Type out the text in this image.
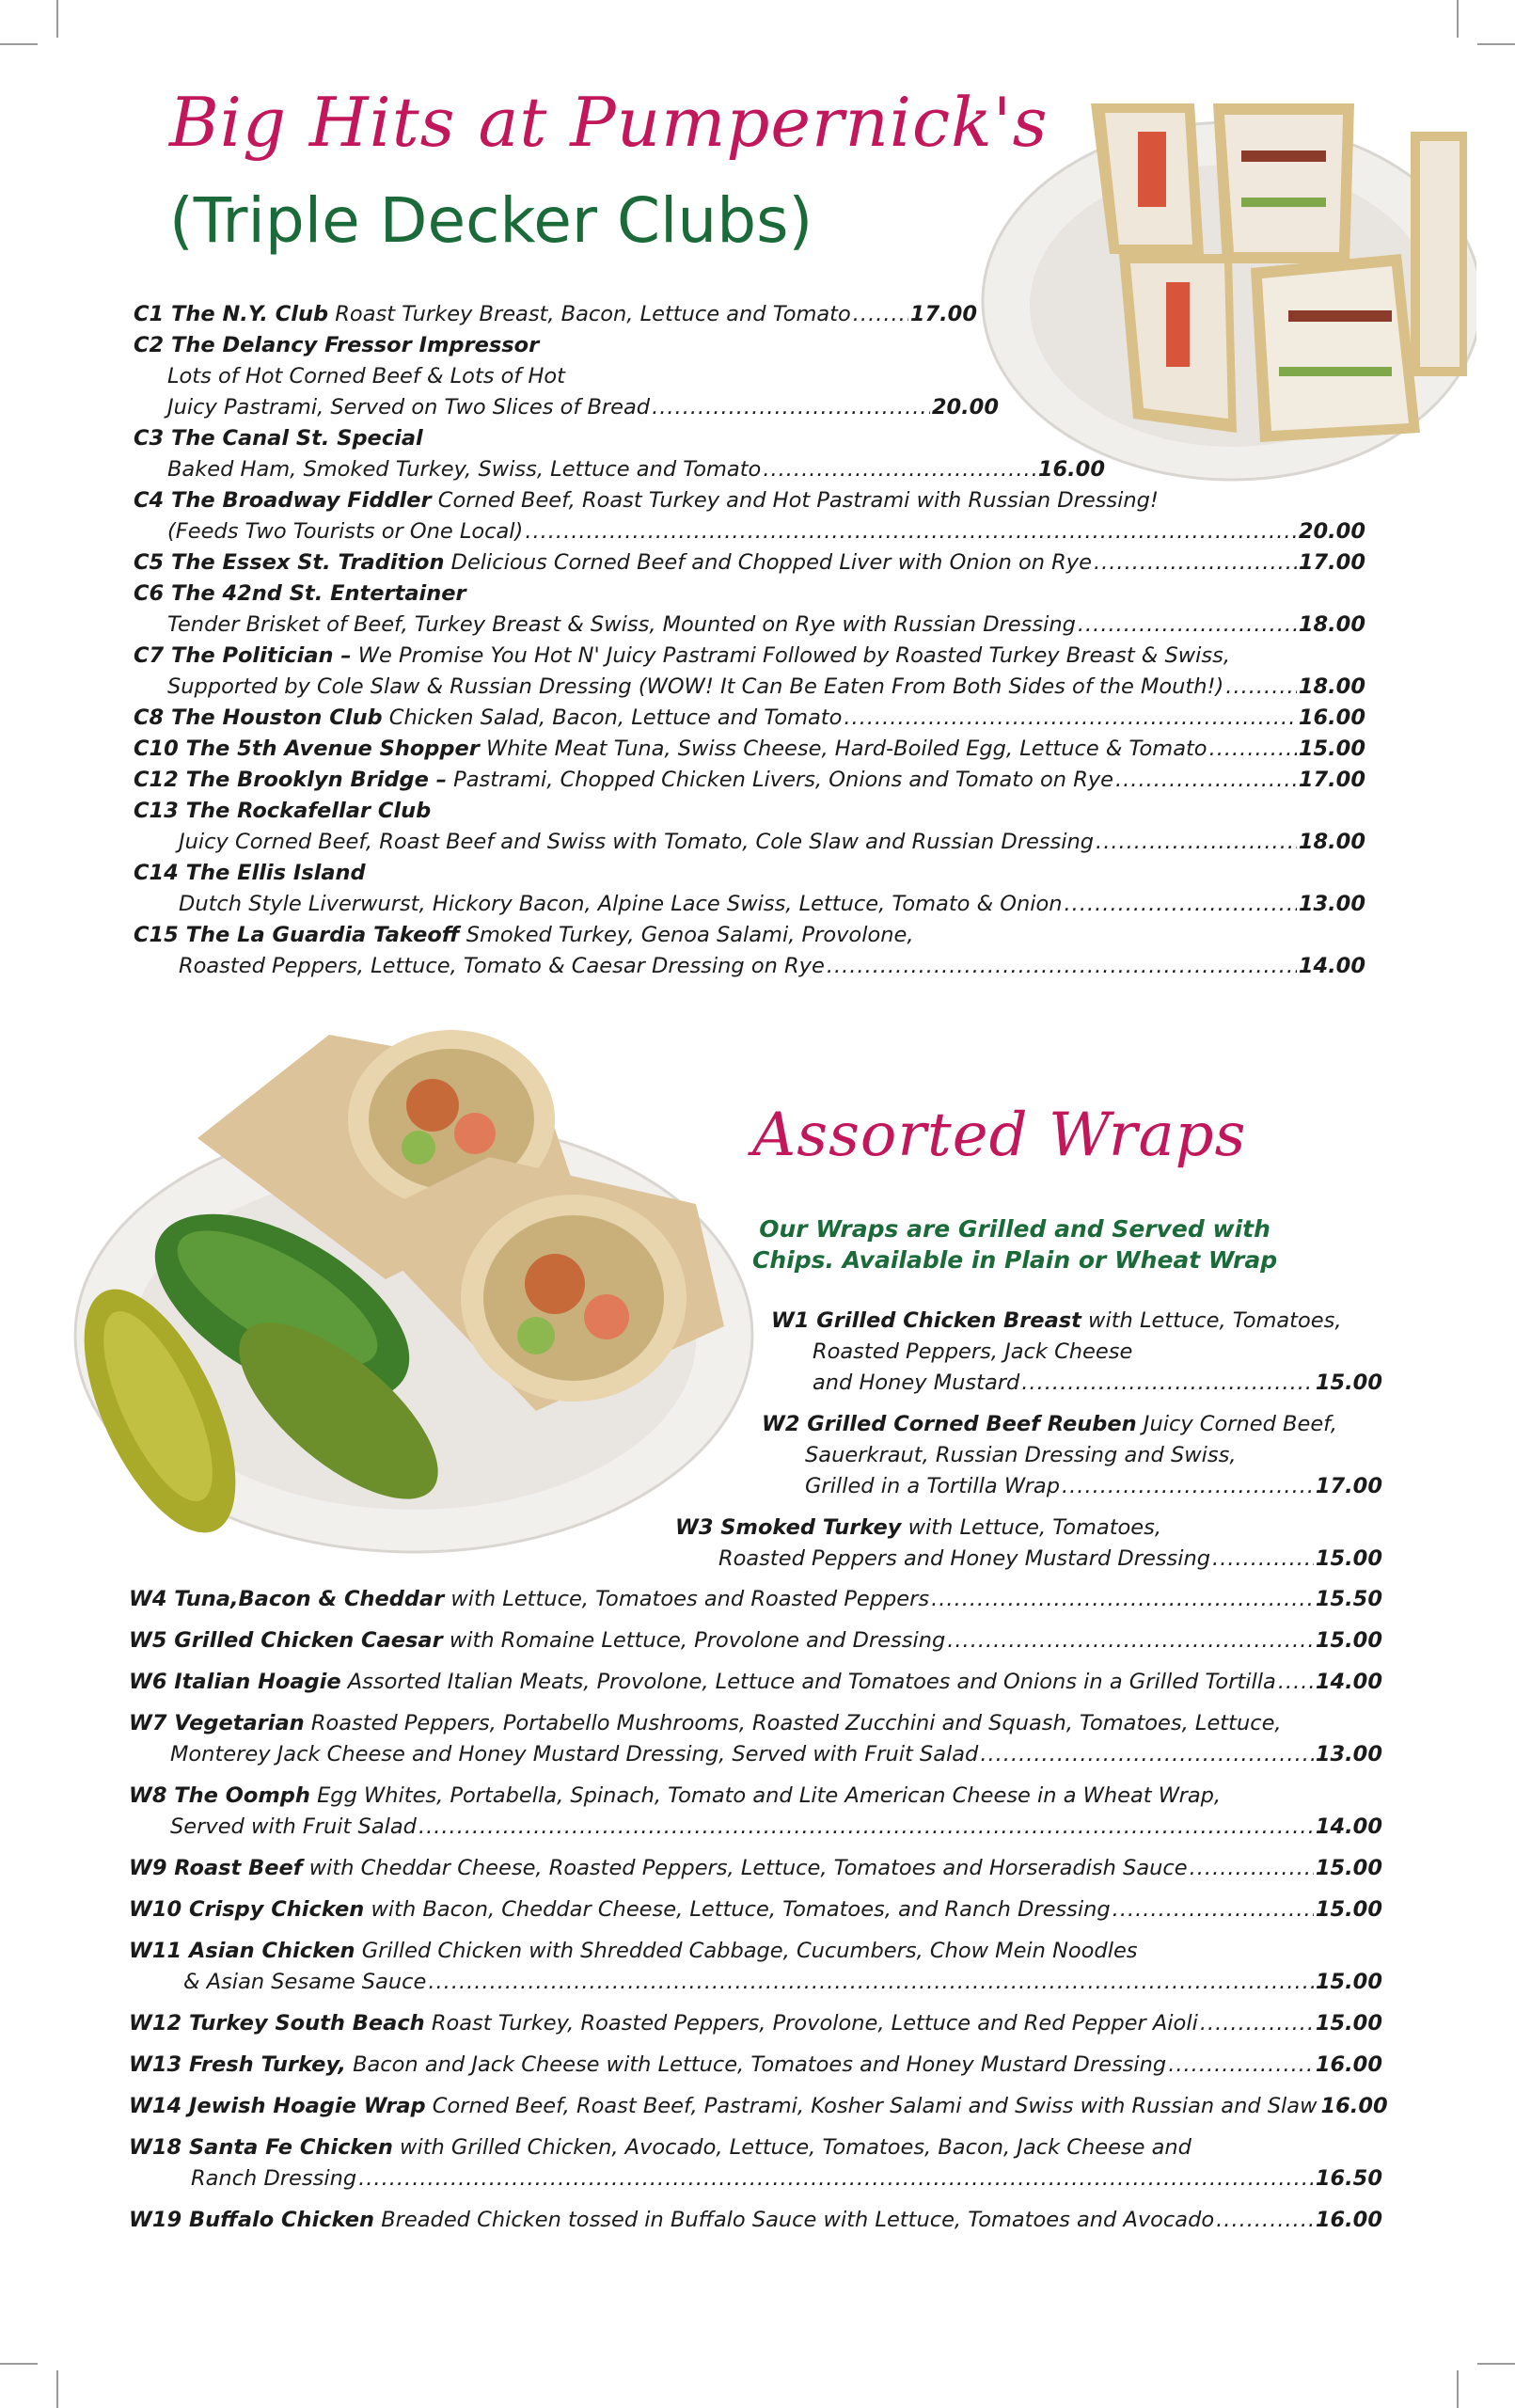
Big Hits at Pumpernick's
(Triple Decker Clubs)
Assorted Wraps
Our Wraps are Grilled and Served with
Chips. Available in Plain or Wheat Wrap
C1 The N.Y. Club Roast Turkey Breast, Bacon, Lettuce and Tomato .....	17.00
C2 The Delancy Fressor Impressor
Lots of Hot Corned Beef & Lots of Hot
Juicy Pastrami, Served on Two Slices of Bread .....	20.00
C3 The Canal St. Special
Baked Ham, Smoked Turkey, Swiss, Lettuce and Tomato .....	16.00
C4 The Broadway Fiddler Corned Beef, Roast Turkey and Hot Pastrami with Russian Dressing!
(Feeds Two Tourists or One Local) .....	20.00
C5 The Essex St. Tradition Delicious Corned Beef and Chopped Liver with Onion on Rye .....	17.00
C6 The 42nd St. Entertainer
Tender Brisket of Beef, Turkey Breast & Swiss, Mounted on Rye with Russian Dressing .....	18.00
C7 The Politician – We Promise You Hot N' Juicy Pastrami Followed by Roasted Turkey Breast & Swiss,
Supported by Cole Slaw & Russian Dressing (WOW! It Can Be Eaten From Both Sides of the Mouth!) .....	18.00
C8 The Houston Club Chicken Salad, Bacon, Lettuce and Tomato .....	16.00
C10 The 5th Avenue Shopper White Meat Tuna, Swiss Cheese, Hard-Boiled Egg, Lettuce & Tomato .....	15.00
C12 The Brooklyn Bridge – Pastrami, Chopped Chicken Livers, Onions and Tomato on Rye .....	17.00
C13 The Rockafellar Club
Juicy Corned Beef, Roast Beef and Swiss with Tomato, Cole Slaw and Russian Dressing .....	18.00
C14 The Ellis Island
Dutch Style Liverwurst, Hickory Bacon, Alpine Lace Swiss, Lettuce, Tomato & Onion .....	13.00
C15 The La Guardia Takeoff Smoked Turkey, Genoa Salami, Provolone,
Roasted Peppers, Lettuce, Tomato & Caesar Dressing on Rye .....	14.00
W1 Grilled Chicken Breast with Lettuce, Tomatoes,
Roasted Peppers, Jack Cheese
and Honey Mustard .....	15.00
W2 Grilled Corned Beef Reuben Juicy Corned Beef,
Sauerkraut, Russian Dressing and Swiss,
Grilled in a Tortilla Wrap .....	17.00
W3 Smoked Turkey with Lettuce, Tomatoes,
Roasted Peppers and Honey Mustard Dressing .....	15.00
W4 Tuna,Bacon & Cheddar with Lettuce, Tomatoes and Roasted Peppers .....	15.50
W5 Grilled Chicken Caesar with Romaine Lettuce, Provolone and Dressing .....	15.00
W6 Italian Hoagie Assorted Italian Meats, Provolone, Lettuce and Tomatoes and Onions in a Grilled Tortilla ..... 14.00
W7 Vegetarian Roasted Peppers, Portabello Mushrooms, Roasted Zucchini and Squash, Tomatoes, Lettuce,
Monterey Jack Cheese and Honey Mustard Dressing, Served with Fruit Salad .....	13.00
W8 The Oomph Egg Whites, Portabella, Spinach, Tomato and Lite American Cheese in a Wheat Wrap,
Served with Fruit Salad .....	14.00
W9 Roast Beef with Cheddar Cheese, Roasted Peppers, Lettuce, Tomatoes and Horseradish Sauce .....	15.00
W10 Crispy Chicken with Bacon, Cheddar Cheese, Lettuce, Tomatoes, and Ranch Dressing .....	15.00
W11 Asian Chicken Grilled Chicken with Shredded Cabbage, Cucumbers, Chow Mein Noodles
& Asian Sesame Sauce .....	15.00
W12 Turkey South Beach Roast Turkey, Roasted Peppers, Provolone, Lettuce and Red Pepper Aioli .....	15.00
W13 Fresh Turkey, Bacon and Jack Cheese with Lettuce, Tomatoes and Honey Mustard Dressing .....	16.00
W14 Jewish Hoagie Wrap Corned Beef, Roast Beef, Pastrami, Kosher Salami and Swiss with Russian and Slaw 16.00
W18 Santa Fe Chicken with Grilled Chicken, Avocado, Lettuce, Tomatoes, Bacon, Jack Cheese and
Ranch Dressing .....	16.50
W19 Buffalo Chicken Breaded Chicken tossed in Buffalo Sauce with Lettuce, Tomatoes and Avocado .....	16.00
